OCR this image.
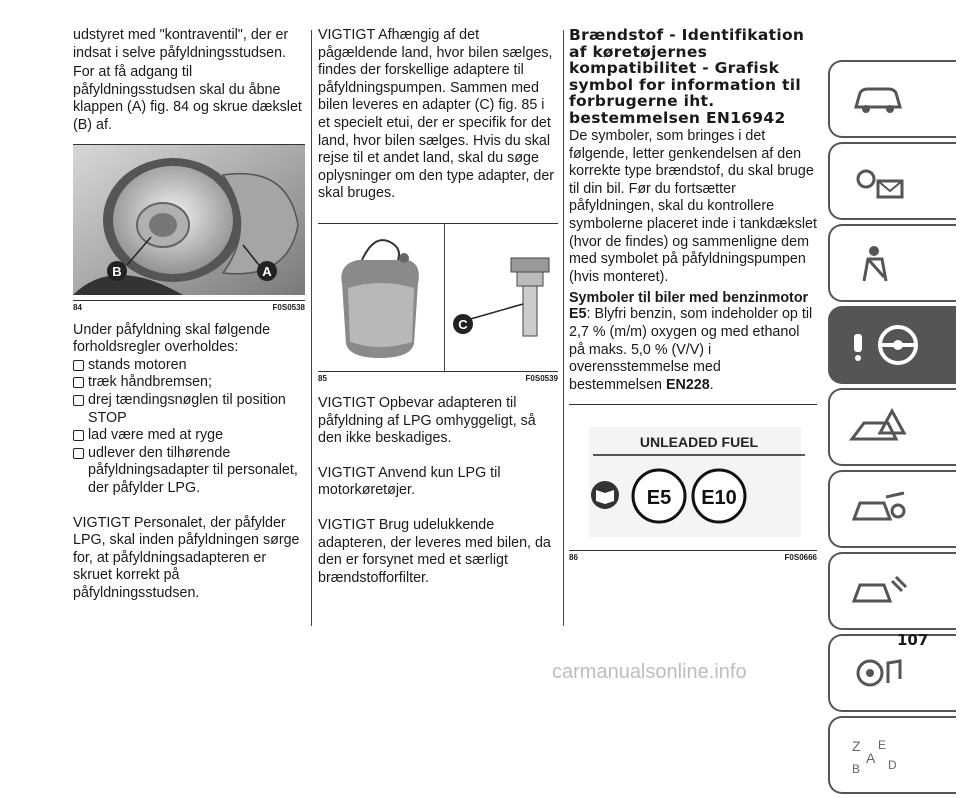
udstyret med "kontraventil", der er indsat i selve påfyldningsstudsen.

For at få adgang til påfyldningsstudsen skal du åbne klappen (A) fig. 84 og skrue dækslet (B) af.

B	A
84	F0S0538

Under påfyldning skal følgende forholdsregler overholdes:

stands motoren
træk håndbremsen;
drej tændingsnøglen til position STOP
lad være med at ryge
udlever den tilhørende påfyldningsadapter til personalet, der påfylder LPG.

VIGTIGT Personalet, der påfylder LPG, skal inden påfyldningen sørge for, at påfyldningsadapteren er skruet korrekt på påfyldningsstudsen.

VIGTIGT Afhængig af det pågældende land, hvor bilen sælges, findes der forskellige adaptere til påfyldningspumpen. Sammen med bilen leveres en adapter (C) fig. 85 i et specielt etui, der er specifik for det land, hvor bilen sælges. Hvis du skal rejse til et andet land, skal du søge oplysninger om den type adapter, der skal bruges.

C
85	F0S0539

VIGTIGT Opbevar adapteren til påfyldning af LPG omhyggeligt, så den ikke beskadiges.

VIGTIGT Anvend kun LPG til motorkøretøjer.

VIGTIGT Brug udelukkende adapteren, der leveres med bilen, da den er forsynet med et særligt brændstofforfilter.

Brændstof - Identifikation af køretøjernes kompatibilitet - Grafisk symbol for information til forbrugerne iht. bestemmelsen EN16942

De symboler, som bringes i det følgende, letter genkendelsen af den korrekte type brændstof, du skal bruge til din bil. Før du fortsætter påfyldningen, skal du kontrollere symbolerne placeret inde i tankdækslet (hvor de findes) og sammenligne dem med symbolet på påfyldningspumpen (hvis monteret).

Symboler til biler med benzinmotor

E5: Blyfri benzin, som indeholder op til 2,7 % (m/m) oxygen og med ethanol på maks. 5,0 % (V/V) i overensstemmelse med bestemmelsen EN228.

UNLEADED FUEL
E5 E10
86	F0S0666
Z E
A
B D
107
carmanualsonline.info
